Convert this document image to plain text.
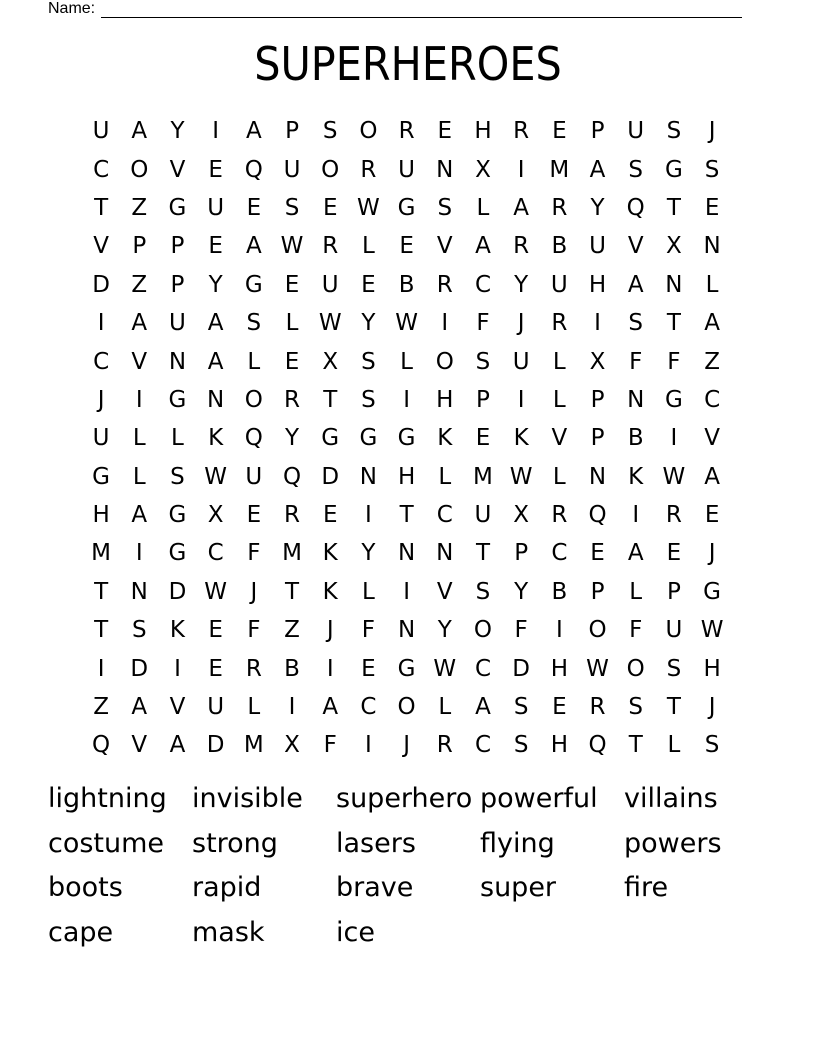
Name:
SUPERHEROES
U A	Y	I	A	P	S O R E H R E	P U S	J
C O V	E Q U O R U N X	I	M A	S G S
T	Z G U E	S	E W G S	L	A R	Y Q T	E
V	P	P	E	A W R	L	E	V A R B U V X N
D Z	P	Y G E U E	B R C	Y U H A N	L
I	A U A	S	L W Y W	I	F	J	R	I	S	T	A
C V N A	L	E	X	S	L O S U	L	X	F	F	Z
J	I	G N O R	T	S	I	H P	I	L	P N G C
U	L	L	K Q Y G G G K	E	K V	P	B	I	V
G L	S W U Q D N H	L M W L	N K W A
H A G X	E R E	I	T	C U X R Q	I	R E
M	I	G C	F M K	Y N N T	P	C E	A	E	J
T N D W	J	T	K	L	I	V	S	Y	B	P	L	P G
T	S	K	E	F	Z	J	F N Y O F	I	O F	U W
I	D	I	E R B	I	E G W C D H W O S H
Z A V U	L	I	A C O L	A	S	E R S	T	J
Q V A D M X	F	I	J	R C S H Q T	L	S
lightning invisible	superhero powerful villains
costume	strong	lasers	flying	powers
boots	rapid	brave	super	fire
cape	mask	ice
